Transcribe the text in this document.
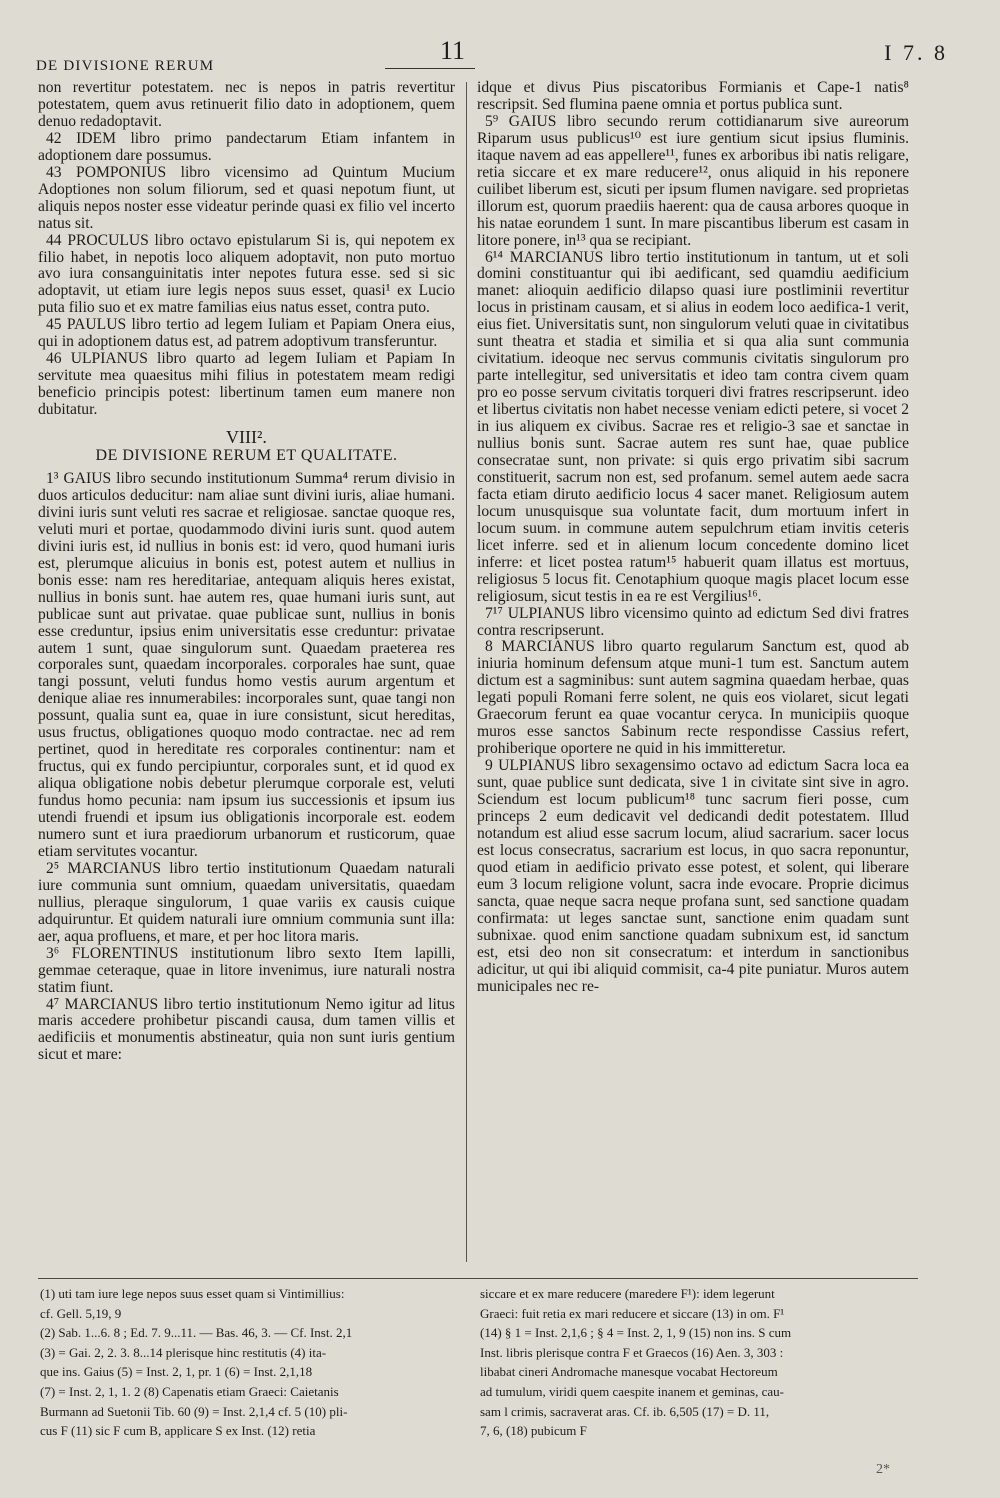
DE DIVISIONE RERUM
11	I 7. 8

non revertitur potestatem. nec is nepos in patris revertitur potestatem, quem avus retinuerit filio dato in adoptionem, quem denuo redadoptavit.

42 IDEM libro primo pandectarum Etiam infantem in adoptionem dare possumus.

43 POMPONIUS libro vicensimo ad Quintum Mucium Adoptiones non solum filiorum, sed et quasi nepotum fiunt, ut aliquis nepos noster esse videatur perinde quasi ex filio vel incerto natus sit.

44 PROCULUS libro octavo epistularum Si is, qui nepotem ex filio habet, in nepotis loco aliquem adoptavit, non puto mortuo avo iura consanguinitatis inter nepotes futura esse. sed si sic adoptavit, ut etiam iure legis nepos suus esset, quasi¹ ex Lucio puta filio suo et ex matre familias eius natus esset, contra puto.

45 PAULUS libro tertio ad legem Iuliam et Papiam Onera eius, qui in adoptionem datus est, ad patrem adoptivum transferuntur.

46 ULPIANUS libro quarto ad legem Iuliam et Papiam In servitute mea quaesitus mihi filius in potestatem meam redigi beneficio principis potest: libertinum tamen eum manere non dubitatur.

VIII².
DE DIVISIONE RERUM ET QUALITATE.

1³ GAIUS libro secundo institutionum Summa⁴ rerum divisio in duos articulos deducitur: nam aliae sunt divini iuris, aliae humani. divini iuris sunt veluti res sacrae et religiosae. sanctae quoque res, veluti muri et portae, quodammodo divini iuris sunt. quod autem divini iuris est, id nullius in bonis est: id vero, quod humani iuris est, plerumque alicuius in bonis est, potest autem et nullius in bonis esse: nam res hereditariae, antequam aliquis heres existat, nullius in bonis sunt. hae autem res, quae humani iuris sunt, aut publicae sunt aut privatae. quae publicae sunt, nullius in bonis esse creduntur, ipsius enim universitatis esse creduntur: privatae autem 1 sunt, quae singulorum sunt. Quaedam praeterea res corporales sunt, quaedam incorporales. corporales hae sunt, quae tangi possunt, veluti fundus homo vestis aurum argentum et denique aliae res innumerabiles: incorporales sunt, quae tangi non possunt, qualia sunt ea, quae in iure consistunt, sicut hereditas, usus fructus, obligationes quoquo modo contractae. nec ad rem pertinet, quod in hereditate res corporales continentur: nam et fructus, qui ex fundo percipiuntur, corporales sunt, et id quod ex aliqua obligatione nobis debetur plerumque corporale est, veluti fundus homo pecunia: nam ipsum ius successionis et ipsum ius utendi fruendi et ipsum ius obligationis incorporale est. eodem numero sunt et iura praediorum urbanorum et rusticorum, quae etiam servitutes vocantur.

2⁵ MARCIANUS libro tertio institutionum Quaedam naturali iure communia sunt omnium, quaedam universitatis, quaedam nullius, pleraque singulorum, 1 quae variis ex causis cuique adquiruntur. Et quidem naturali iure omnium communia sunt illa: aer, aqua profluens, et mare, et per hoc litora maris.

3⁶ FLORENTINUS institutionum libro sexto Item lapilli, gemmae ceteraque, quae in litore invenimus, iure naturali nostra statim fiunt.

4⁷ MARCIANUS libro tertio institutionum Nemo igitur ad litus maris accedere prohibetur piscandi causa, dum tamen villis et aedificiis et monumentis abstineatur, quia non sunt iuris gentium sicut et mare:

idque et divus Pius piscatoribus Formianis et Cape-1 natis⁸ rescripsit. Sed flumina paene omnia et portus publica sunt.

5⁹ GAIUS libro secundo rerum cottidianarum sive aureorum Riparum usus publicus¹⁰ est iure gentium sicut ipsius fluminis. itaque navem ad eas appellere¹¹, funes ex arboribus ibi natis religare, retia siccare et ex mare reducere¹², onus aliquid in his reponere cuilibet liberum est, sicuti per ipsum flumen navigare. sed proprietas illorum est, quorum praediis haerent: qua de causa arbores quoque in his natae eorundem 1 sunt. In mare piscantibus liberum est casam in litore ponere, in¹³ qua se recipiant.

6¹⁴ MARCIANUS libro tertio institutionum in tantum, ut et soli domini constituantur qui ibi aedificant, sed quamdiu aedificium manet: alioquin aedificio dilapso quasi iure postliminii revertitur locus in pristinam causam, et si alius in eodem loco aedifica-1 verit, eius fiet. Universitatis sunt, non singulorum veluti quae in civitatibus sunt theatra et stadia et similia et si qua alia sunt communia civitatium. ideoque nec servus communis civitatis singulorum pro parte intellegitur, sed universitatis et ideo tam contra civem quam pro eo posse servum civitatis torqueri divi fratres rescripserunt. ideo et libertus civitatis non habet necesse veniam edicti petere, si vocet 2 in ius aliquem ex civibus. Sacrae res et religio-3 sae et sanctae in nullius bonis sunt. Sacrae autem res sunt hae, quae publice consecratae sunt, non private: si quis ergo privatim sibi sacrum constituerit, sacrum non est, sed profanum. semel autem aede sacra facta etiam diruto aedificio locus 4 sacer manet. Religiosum autem locum unusquisque sua voluntate facit, dum mortuum infert in locum suum. in commune autem sepulchrum etiam invitis ceteris licet inferre. sed et in alienum locum concedente domino licet inferre: et licet postea ratum¹⁵ habuerit quam illatus est mortuus, religiosus 5 locus fit. Cenotaphium quoque magis placet locum esse religiosum, sicut testis in ea re est Vergilius¹⁶.

7¹⁷ ULPIANUS libro vicensimo quinto ad edictum Sed divi fratres contra rescripserunt.

8 MARCIANUS libro quarto regularum Sanctum est, quod ab iniuria hominum defensum atque muni-1 tum est. Sanctum autem dictum est a sagminibus: sunt autem sagmina quaedam herbae, quas legati populi Romani ferre solent, ne quis eos violaret, sicut legati Graecorum ferunt ea quae vocantur ceryca. In municipiis quoque muros esse sanctos Sabinum recte respondisse Cassius refert, prohiberique oportere ne quid in his immitteretur.

9 ULPIANUS libro sexagensimo octavo ad edictum Sacra loca ea sunt, quae publice sunt dedicata, sive 1 in civitate sint sive in agro. Sciendum est locum publicum¹⁸ tunc sacrum fieri posse, cum princeps 2 eum dedicavit vel dedicandi dedit potestatem. Illud notandum est aliud esse sacrum locum, aliud sacrarium. sacer locus est locus consecratus, sacrarium est locus, in quo sacra reponuntur, quod etiam in aedificio privato esse potest, et solent, qui liberare eum 3 locum religione volunt, sacra inde evocare. Proprie dicimus sancta, quae neque sacra neque profana sunt, sed sanctione quadam confirmata: ut leges sanctae sunt, sanctione enim quadam sunt subnixae. quod enim sanctione quadam subnixum est, id sanctum est, etsi deo non sit consecratum: et interdum in sanctionibus adicitur, ut qui ibi aliquid commisit, ca-4 pite puniatur. Muros autem municipales nec re-

(1) uti tam iure lege nepos suus esset quam si Vintimillius:
cf. Gell. 5,19, 9
(2) Sab. 1...6. 8 ; Ed. 7. 9...11. — Bas. 46, 3. — Cf. Inst. 2,1
(3) = Gai. 2, 2. 3. 8...14 plerisque hinc restitutis (4) ita-
que ins. Gaius (5) = Inst. 2, 1, pr. 1 (6) = Inst. 2,1,18
(7) = Inst. 2, 1, 1. 2 (8) Capenatis etiam Graeci: Caietanis
Burmann ad Suetonii Tib. 60 (9) = Inst. 2,1,4 cf. 5 (10) pli-
cus F (11) sic F cum B, applicare S ex Inst. (12) retia
siccare et ex mare reducere (maredere F¹): idem legerunt
Graeci: fuit retia ex mari reducere et siccare (13) in om. F¹
(14) § 1 = Inst. 2,1,6 ; § 4 = Inst. 2, 1, 9 (15) non ins. S cum
Inst. libris plerisque contra F et Graecos (16) Aen. 3, 303 :
libabat cineri Andromache manesque vocabat Hectoreum
ad tumulum, viridi quem caespite inanem et geminas, cau-
sam l crimis, sacraverat aras. Cf. ib. 6,505 (17) = D. 11,
7, 6, (18) pubicum F
2*
